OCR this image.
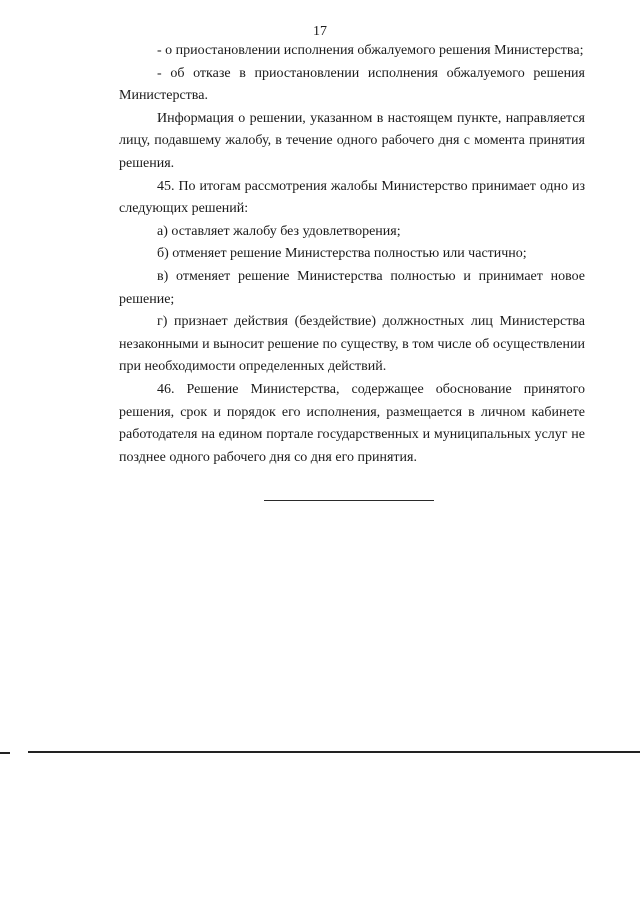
17

- о приостановлении исполнения обжалуемого решения Министерства;

- об отказе в приостановлении исполнения обжалуемого решения Министерства.

Информация о решении, указанном в настоящем пункте, направляется лицу, подавшему жалобу, в течение одного рабочего дня с момента принятия решения.

45. По итогам рассмотрения жалобы Министерство принимает одно из следующих решений:

а) оставляет жалобу без удовлетворения;

б) отменяет решение Министерства полностью или частично;

в) отменяет решение Министерства полностью и принимает новое решение;

г) признает действия (бездействие) должностных лиц Министерства незаконными и выносит решение по существу, в том числе об осуществлении при необходимости определенных действий.

46. Решение Министерства, содержащее обоснование принятого решения, срок и порядок его исполнения, размещается в личном кабинете работодателя на едином портале государственных и муниципальных услуг не позднее одного рабочего дня со дня его принятия.
